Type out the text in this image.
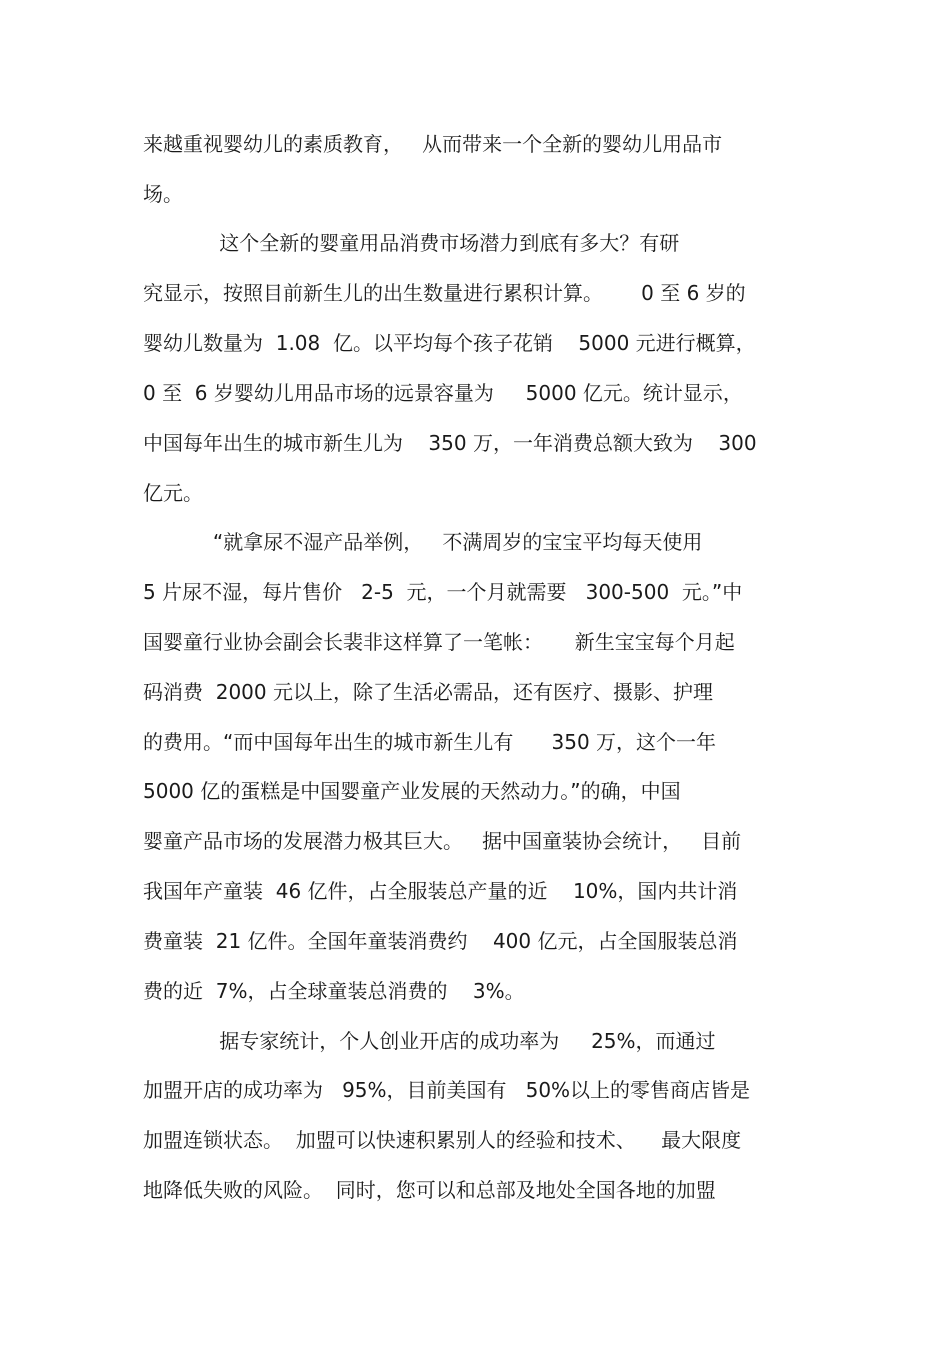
来越重视婴幼儿的素质教育，   从而带来一个全新的婴幼儿用品市
场。
这个全新的婴童用品消费市场潜力到底有多大？有研
究显示，按照目前新生儿的出生数量进行累积计算。      0 至 6 岁的
婴幼儿数量为  1.08  亿。以平均每个孩子花销    5000 元进行概算，
0 至  6 岁婴幼儿用品市场的远景容量为     5000 亿元。统计显示，
中国每年出生的城市新生儿为    350 万，一年消费总额大致为    300
亿元。
“就拿尿不湿产品举例，   不满周岁的宝宝平均每天使用
5 片尿不湿，每片售价   2-5  元，一个月就需要   300-500  元。”中
国婴童行业协会副会长裴非这样算了一笔帐：     新生宝宝每个月起
码消费  2000 元以上，除了生活必需品，还有医疗、摄影、护理
的费用。“而中国每年出生的城市新生儿有      350 万，这个一年
5000 亿的蛋糕是中国婴童产业发展的天然动力。”的确，中国
婴童产品市场的发展潜力极其巨大。   据中国童装协会统计，   目前
我国年产童装  46 亿件，占全服装总产量的近    10%，国内共计消
费童装  21 亿件。全国年童装消费约    400 亿元，占全国服装总消
费的近  7%，占全球童装总消费的    3%。
据专家统计，个人创业开店的成功率为     25%，而通过
加盟开店的成功率为   95%，目前美国有   50%以上的零售商店皆是
加盟连锁状态。  加盟可以快速积累别人的经验和技术、    最大限度
地降低失败的风险。  同时，您可以和总部及地处全国各地的加盟
